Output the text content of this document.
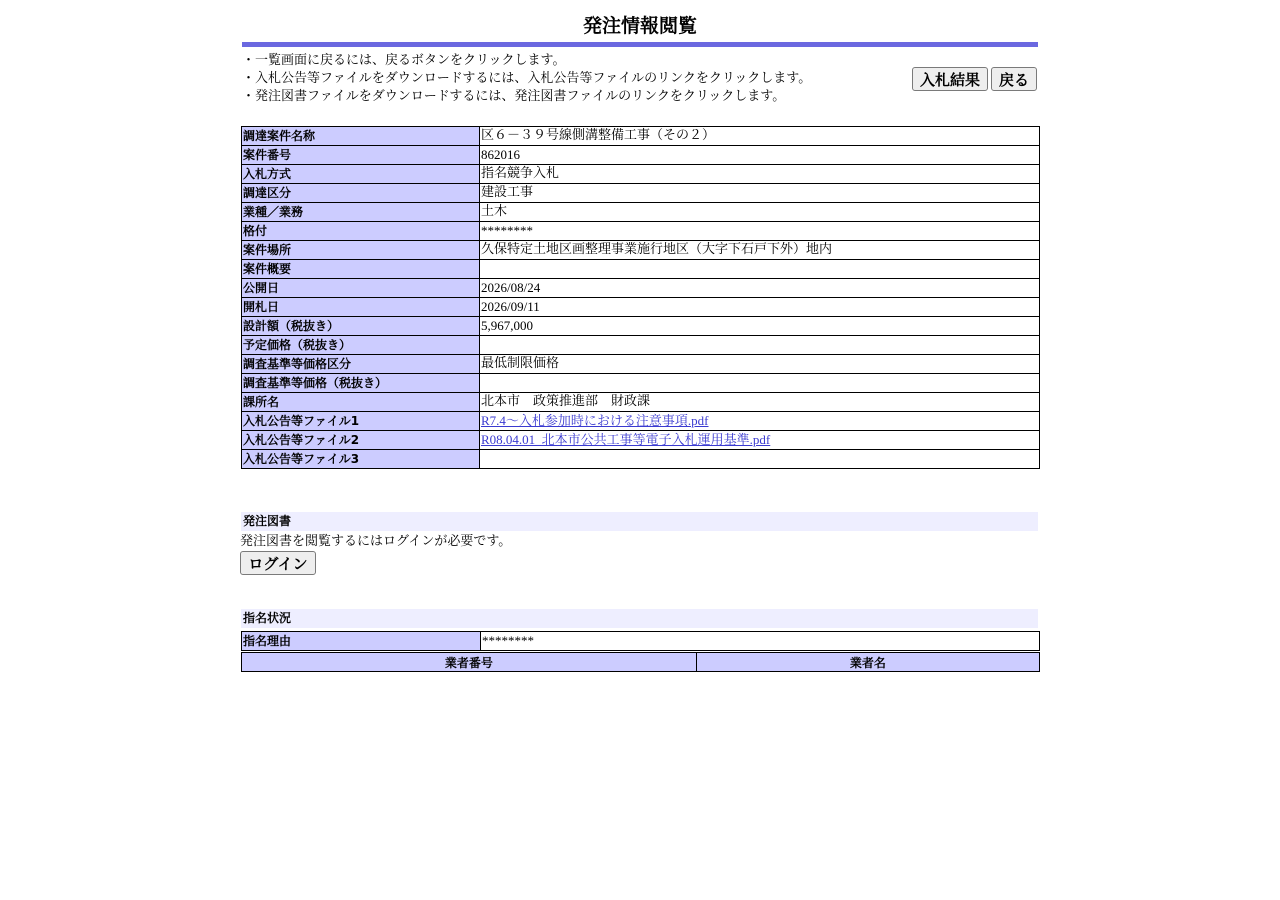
発注情報閲覧
・一覧画面に戻るには、戻るボタンをクリックします。
・入札公告等ファイルをダウンロードするには、入札公告等ファイルのリンクをクリックします。
・発注図書ファイルをダウンロードするには、発注図書ファイルのリンクをクリックします。
入札結果	戻る
調達案件名称	区６－３９号線側溝整備工事（その２）
案件番号	862016
入札方式	指名競争入札
調達区分	建設工事
業種／業務	土木
格付	********
案件場所	久保特定土地区画整理事業施行地区（大字下石戸下外）地内
案件概要	
公開日	2026/08/24
開札日	2026/09/11
設計額（税抜き）	5,967,000
予定価格（税抜き）	
調査基準等価格区分	最低制限価格
調査基準等価格（税抜き）	
課所名	北本市　政策推進部　財政課
入札公告等ファイル1	R7.4～入札参加時における注意事項.pdf
入札公告等ファイル2	R08.04.01_北本市公共工事等電子入札運用基準.pdf
入札公告等ファイル3	
発注図書
発注図書を閲覧するにはログインが必要です。
ログイン
指名状況
指名理由	********
業者番号	業者名
